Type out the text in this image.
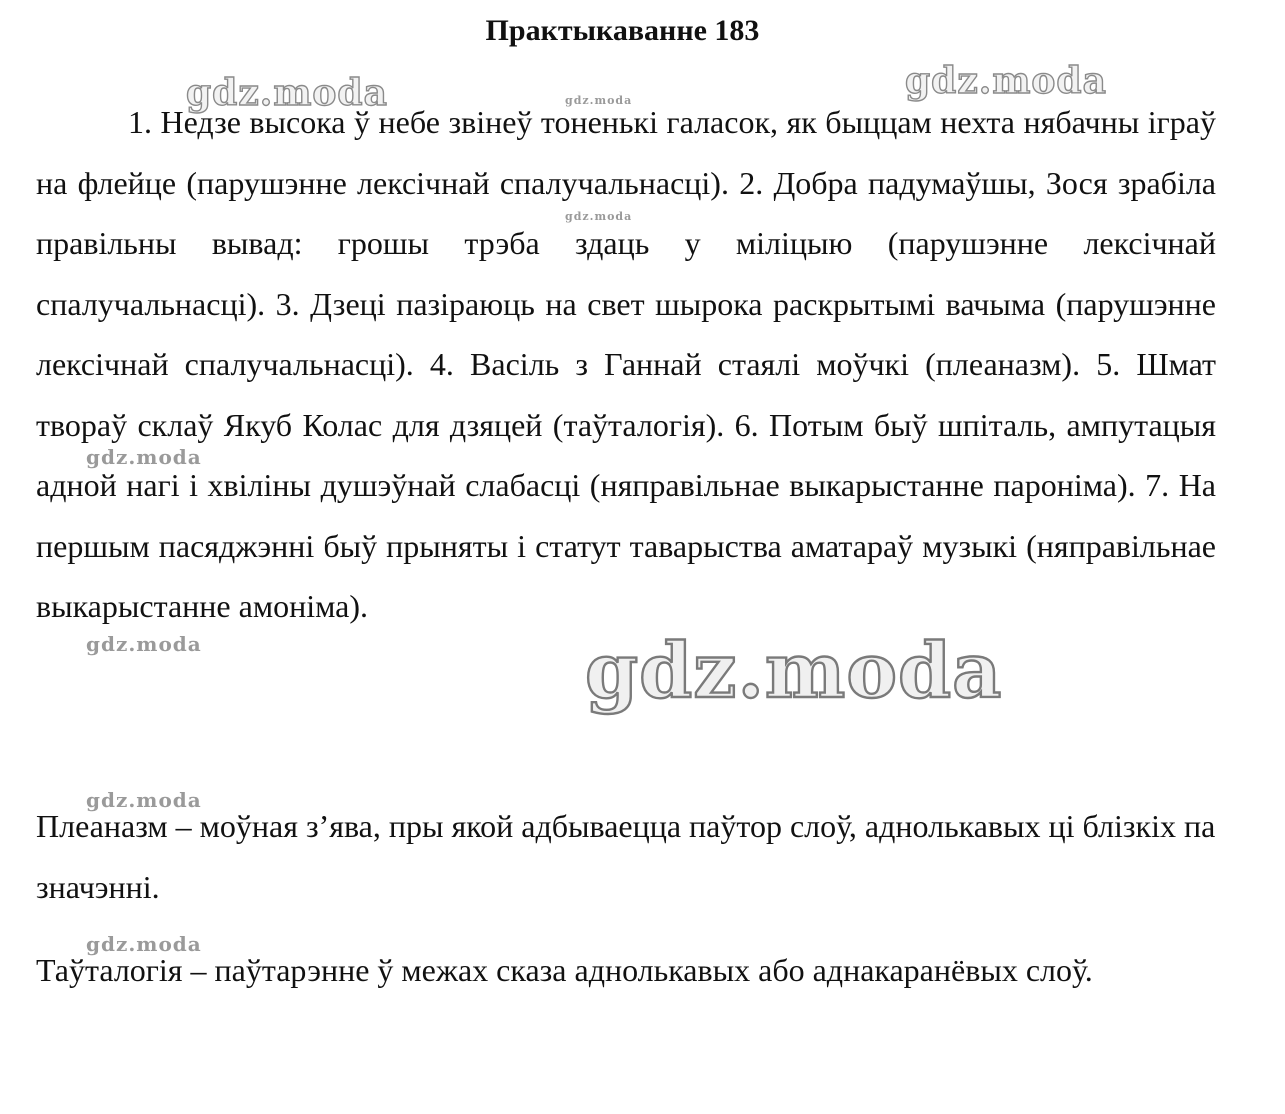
Практыкаванне 183

1. Недзе высока ў небе звінеў тоненькі галасок, як быццам нехта нябачны іграў на флейце (парушэнне лексічнай спалучальнасці). 2. Добра падумаўшы, Зося зрабіла правільны вывад: грошы трэба здаць у міліцыю (парушэнне лексічнай спалучальнасці). 3. Дзеці пазіраюць на свет шырока раскрытымі вачыма (парушэнне лексічнай спалучальнасці). 4. Васіль з Ганнай стаялі моўчкі (плеаназм). 5. Шмат твораў склаў Якуб Колас для дзяцей (таўталогія). 6. Потым быў шпіталь, ампутацыя адной нагі і хвіліны душэўнай слабасці (няправільнае выкарыстанне пароніма). 7. На першым пасяджэнні быў прыняты і статут таварыства аматараў музыкі (няправільнае выкарыстанне амоніма).

Плеаназм – моўная з’ява, пры якой адбываецца паўтор слоў, аднолькавых ці блізкіх па значэнні.

Таўталогія – паўтарэнне ў межах сказа аднолькавых або аднакаранёвых слоў.

gdz.moda	gdz.moda
gdz.moda
gdz.moda
gdz.moda
gdz.moda	gdz.moda
gdz.moda
gdz.moda
